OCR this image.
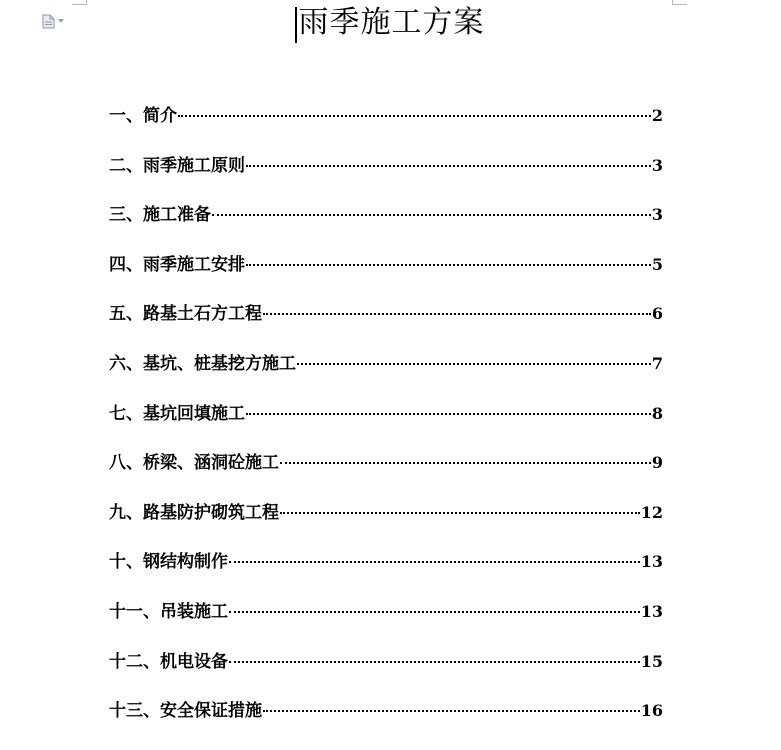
雨季施工方案
一、简介	2
二、雨季施工原则	3
三、施工准备	3
四、雨季施工安排	5
五、路基土石方工程	6
六、基坑、桩基挖方施工	7
七、基坑回填施工	8
八、桥梁、涵洞砼施工	9
九、路基防护砌筑工程	12
十、钢结构制作	13
十一、吊装施工	13
十二、机电设备	15
十三、安全保证措施	16
